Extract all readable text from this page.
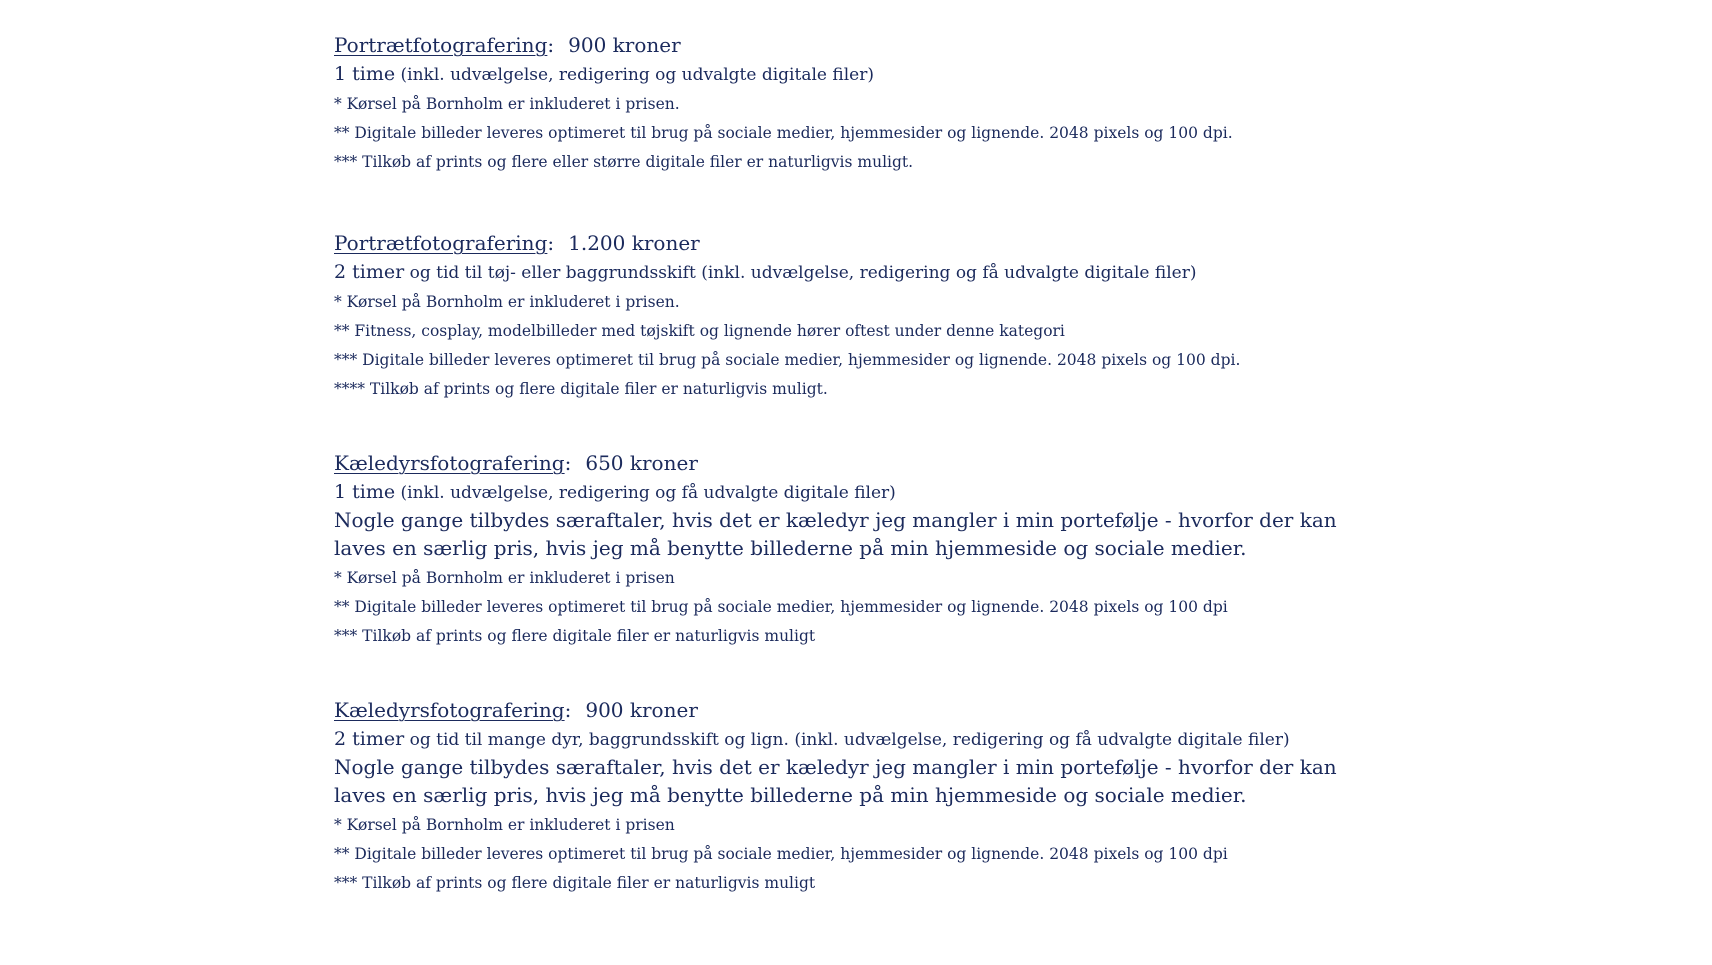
Portrætfotografering: 900 kroner
1 time (inkl. udvælgelse, redigering og udvalgte digitale filer)
* Kørsel på Bornholm er inkluderet i prisen.
** Digitale billeder leveres optimeret til brug på sociale medier, hjemmesider og lignende. 2048 pixels og 100 dpi.
*** Tilkøb af prints og flere eller større digitale filer er naturligvis muligt.
Portrætfotografering: 1.200 kroner
2 timer og tid til tøj- eller baggrundsskift (inkl. udvælgelse, redigering og få udvalgte digitale filer)
* Kørsel på Bornholm er inkluderet i prisen.
** Fitness, cosplay, modelbilleder med tøjskift og lignende hører oftest under denne kategori
*** Digitale billeder leveres optimeret til brug på sociale medier, hjemmesider og lignende. 2048 pixels og 100 dpi.
**** Tilkøb af prints og flere digitale filer er naturligvis muligt.
Kæledyrsfotografering: 650 kroner
1 time (inkl. udvælgelse, redigering og få udvalgte digitale filer)

Nogle gange tilbydes særaftaler, hvis det er kæledyr jeg mangler i min portefølje - hvorfor der kan laves en særlig pris, hvis jeg må benytte billederne på min hjemmeside og sociale medier.

* Kørsel på Bornholm er inkluderet i prisen
** Digitale billeder leveres optimeret til brug på sociale medier, hjemmesider og lignende. 2048 pixels og 100 dpi
*** Tilkøb af prints og flere digitale filer er naturligvis muligt
Kæledyrsfotografering: 900 kroner
2 timer og tid til mange dyr, baggrundsskift og lign. (inkl. udvælgelse, redigering og få udvalgte digitale filer)

Nogle gange tilbydes særaftaler, hvis det er kæledyr jeg mangler i min portefølje - hvorfor der kan laves en særlig pris, hvis jeg må benytte billederne på min hjemmeside og sociale medier.

* Kørsel på Bornholm er inkluderet i prisen
** Digitale billeder leveres optimeret til brug på sociale medier, hjemmesider og lignende. 2048 pixels og 100 dpi
*** Tilkøb af prints og flere digitale filer er naturligvis muligt
